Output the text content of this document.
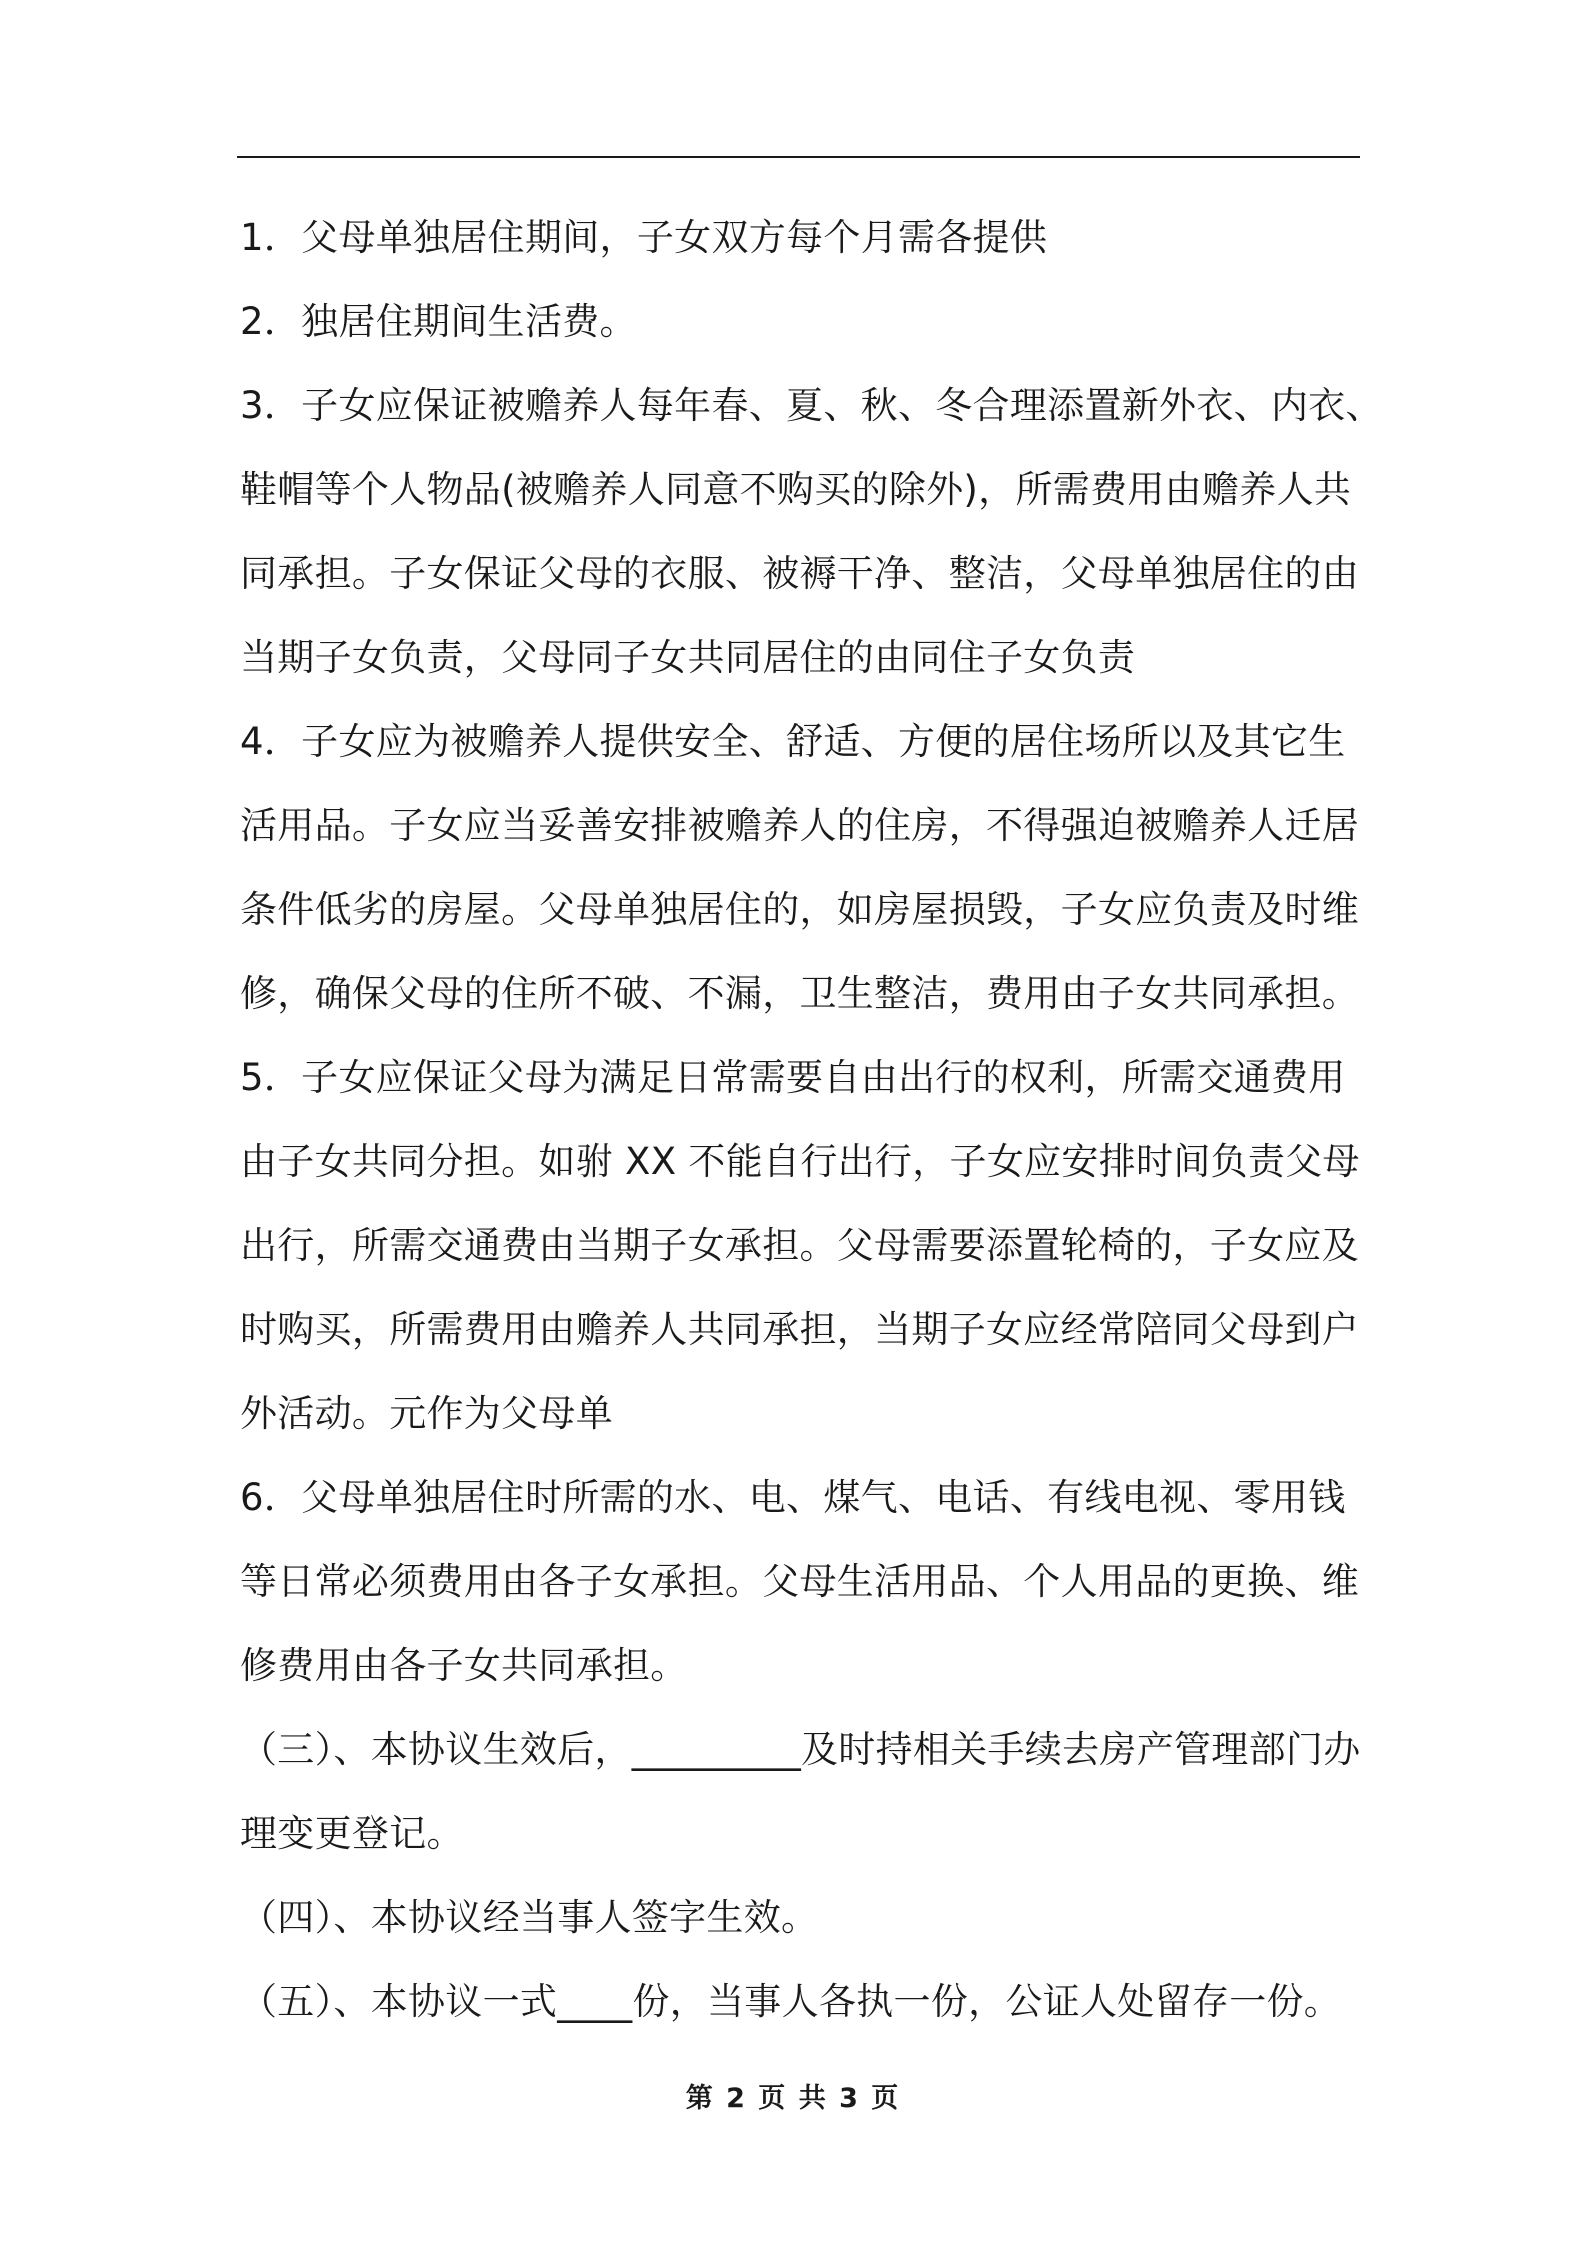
1．父母单独居住期间，子女双方每个月需各提供
2．独居住期间生活费。
3．子女应保证被赡养人每年春、夏、秋、冬合理添置新外衣、内衣、
鞋帽等个人物品(被赡养人同意不购买的除外)，所需费用由赡养人共
同承担。子女保证父母的衣服、被褥干净、整洁，父母单独居住的由
当期子女负责，父母同子女共同居住的由同住子女负责
4．子女应为被赡养人提供安全、舒适、方便的居住场所以及其它生
活用品。子女应当妥善安排被赡养人的住房，不得强迫被赡养人迁居
条件低劣的房屋。父母单独居住的，如房屋损毁，子女应负责及时维
修，确保父母的住所不破、不漏，卫生整洁，费用由子女共同承担。
5．子女应保证父母为满足日常需要自由出行的权利，所需交通费用
由子女共同分担。如驸 XX 不能自行出行，子女应安排时间负责父母
出行，所需交通费由当期子女承担。父母需要添置轮椅的，子女应及
时购买，所需费用由赡养人共同承担，当期子女应经常陪同父母到户
外活动。元作为父母单
6．父母单独居住时所需的水、电、煤气、电话、有线电视、零用钱
等日常必须费用由各子女承担。父母生活用品、个人用品的更换、维
修费用由各子女共同承担。
（三）、本协议生效后，_________及时持相关手续去房产管理部门办
理变更登记。
（四）、本协议经当事人签字生效。
（五）、本协议一式____份，当事人各执一份，公证人处留存一份。
第 2 页 共 3 页
